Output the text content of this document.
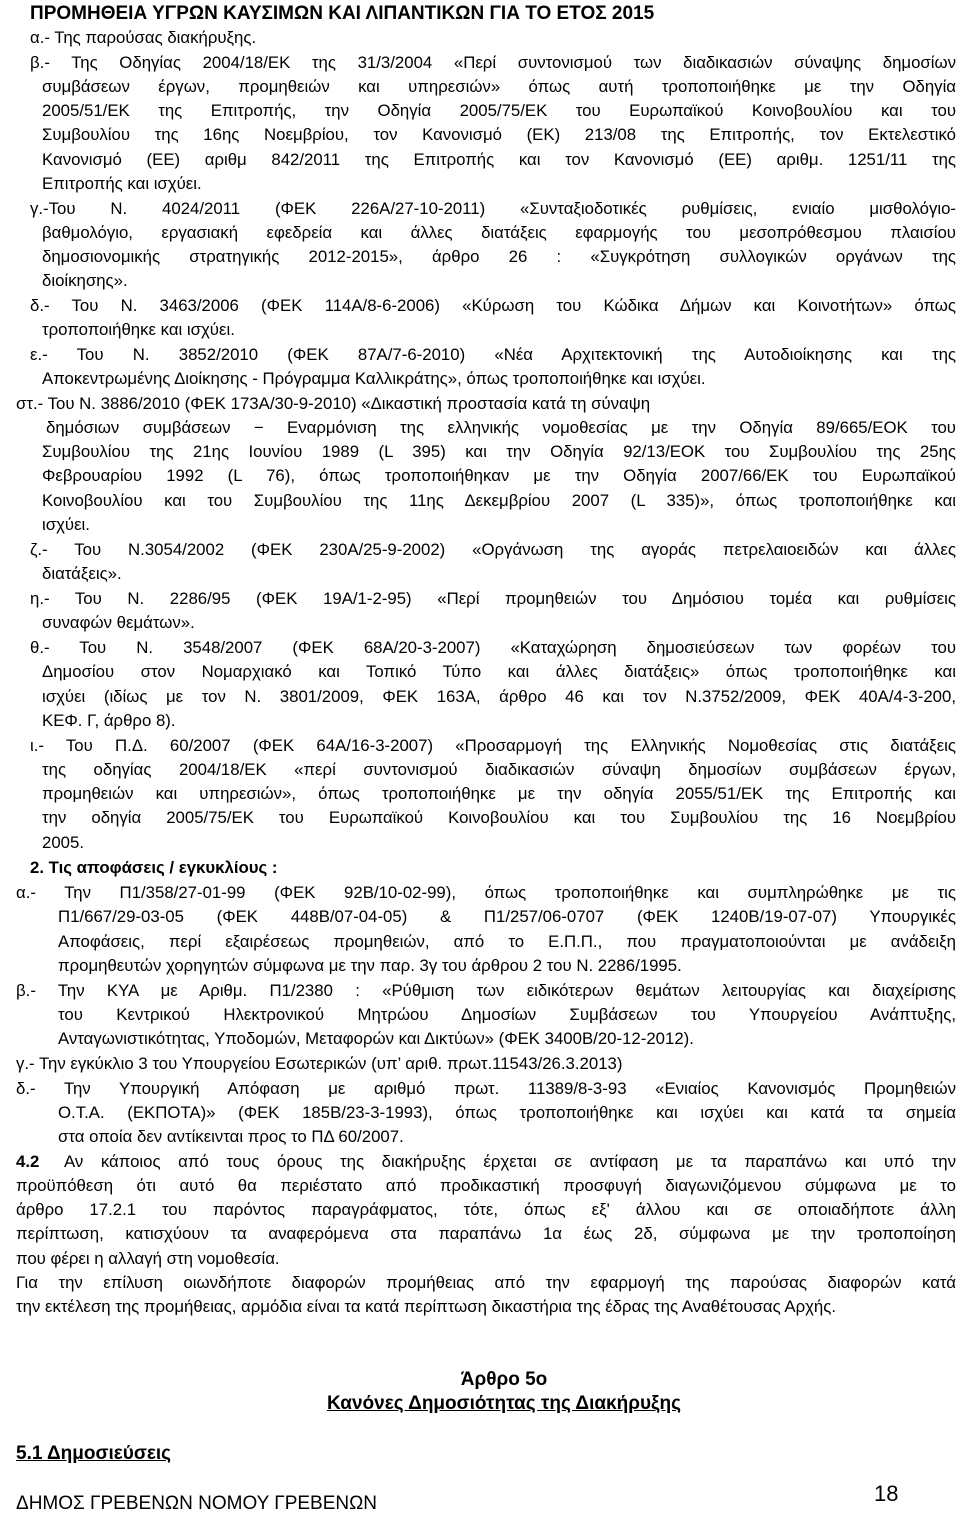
ΠΡΟΜΗΘΕΙΑ ΥΓΡΩΝ ΚΑΥΣΙΜΩΝ ΚΑΙ ΛΙΠΑΝΤΙΚΩΝ ΓΙΑ ΤΟ ΕΤΟΣ 2015
α.- Της παρούσας διακήρυξης.
β.- Της Οδηγίας 2004/18/ΕΚ της 31/3/2004 «Περί συντονισμού των διαδικασιών σύναψης δημοσίων
συμβάσεων έργων, προμηθειών και υπηρεσιών» όπως αυτή τροποποιήθηκε με την Οδηγία
2005/51/ΕΚ της Επιτροπής, την Οδηγία 2005/75/ΕΚ του Ευρωπαϊκού Κοινοβουλίου και του
Συμβουλίου της 16ης Νοεμβρίου, τον Κανονισμό (ΕΚ) 213/08 της Επιτροπής, τον Εκτελεστικό
Κανονισμό (ΕΕ) αριθμ 842/2011 της Επιτροπής και τον Κανονισμό (ΕΕ) αριθμ. 1251/11 της
Επιτροπής και ισχύει.
γ.-Του Ν. 4024/2011 (ΦΕΚ 226Α/27-10-2011) «Συνταξιοδοτικές ρυθμίσεις, ενιαίο μισθολόγιο-
βαθμολόγιο, εργασιακή εφεδρεία και άλλες διατάξεις εφαρμογής του μεσοπρόθεσμου πλαισίου
δημοσιονομικής στρατηγικής 2012-2015», άρθρο 26 : «Συγκρότηση συλλογικών οργάνων της
διοίκησης».
δ.- Του Ν. 3463/2006 (ΦΕΚ 114Α/8-6-2006) «Κύρωση του Κώδικα Δήμων και Κοινοτήτων» όπως
τροποποιήθηκε και ισχύει.
ε.- Του Ν. 3852/2010 (ΦΕΚ 87Α/7-6-2010) «Νέα Αρχιτεκτονική της Αυτοδιοίκησης και της
Αποκεντρωμένης Διοίκησης - Πρόγραμμα Καλλικράτης», όπως τροποποιήθηκε και ισχύει.
στ.- Του Ν. 3886/2010 (ΦΕΚ 173Α/30-9-2010) «Δικαστική προστασία κατά τη σύναψη
δημόσιων συμβάσεων − Εναρμόνιση της ελληνικής νομοθεσίας με την Οδηγία 89/665/ΕΟΚ του
Συμβουλίου της 21ης Ιουνίου 1989 (L 395) και την Οδηγία 92/13/ΕΟΚ του Συμβουλίου της 25ης
Φεβρουαρίου 1992 (L 76), όπως τροποποιήθηκαν με την Οδηγία 2007/66/ΕΚ του Ευρωπαϊκού
Κοινοβουλίου και του Συμβουλίου της 11ης Δεκεμβρίου 2007 (L 335)», όπως τροποποιήθηκε και
ισχύει.
ζ.- Του Ν.3054/2002 (ΦΕΚ 230Α/25-9-2002) «Οργάνωση της αγοράς πετρελαιοειδών και άλλες
διατάξεις».
η.- Του Ν. 2286/95 (ΦΕΚ 19Α/1-2-95) «Περί προμηθειών του Δημόσιου τομέα και ρυθμίσεις
συναφών θεμάτων».
θ.- Του Ν. 3548/2007 (ΦΕΚ 68Α/20-3-2007) «Καταχώρηση δημοσιεύσεων των φορέων του
Δημοσίου στον Νομαρχιακό και Τοπικό Τύπο και άλλες διατάξεις» όπως τροποποιήθηκε και
ισχύει (ιδίως με τον Ν. 3801/2009, ΦΕΚ 163Α, άρθρο 46 και τον Ν.3752/2009, ΦΕΚ 40Α/4-3-200,
ΚΕΦ. Γ, άρθρο 8).
ι.- Του Π.Δ. 60/2007 (ΦΕΚ 64Α/16-3-2007) «Προσαρμογή της Ελληνικής Νομοθεσίας στις διατάξεις
της οδηγίας 2004/18/ΕΚ «περί συντονισμού διαδικασιών σύναψη δημοσίων συμβάσεων έργων,
προμηθειών και υπηρεσιών», όπως τροποποιήθηκε με την οδηγία 2055/51/ΕΚ της Επιτροπής και
την οδηγία 2005/75/ΕΚ του Ευρωπαϊκού Κοινοβουλίου και του Συμβουλίου της 16 Νοεμβρίου
2005.
2. Τις αποφάσεις / εγκυκλίους :
α.- Την Π1/358/27-01-99 (ΦΕΚ 92Β/10-02-99), όπως τροποποιήθηκε και συμπληρώθηκε με τις
Π1/667/29-03-05 (ΦΕΚ 448Β/07-04-05) & Π1/257/06-0707 (ΦΕΚ 1240Β/19-07-07) Υπουργικές
Αποφάσεις, περί εξαιρέσεως προμηθειών, από το Ε.Π.Π., που πραγματοποιούνται με ανάδειξη
πρoμηθευτών χορηγητών σύμφωνα με την παρ. 3γ του άρθρου 2 του Ν. 2286/1995.
β.- Την ΚΥΑ με Αριθμ. Π1/2380 : «Ρύθμιση των ειδικότερων θεμάτων λειτουργίας και διαχείρισης
του Κεντρικού Ηλεκτρονικού Μητρώου Δημοσίων Συμβάσεων του Υπουργείου Ανάπτυξης,
Ανταγωνιστικότητας, Υποδομών, Μεταφορών και Δικτύων» (ΦΕΚ 3400Β/20-12-2012).
γ.- Την εγκύκλιο 3 του Υπουργείου Εσωτερικών (υπ’ αριθ. πρωτ.11543/26.3.2013)
δ.- Την Υπουργική Απόφαση με αριθμό πρωτ. 11389/8-3-93 «Ενιαίος Κανονισμός Προμηθειών
Ο.Τ.Α. (ΕΚΠΟΤΑ)» (ΦΕΚ 185Β/23-3-1993), όπως τροποποιήθηκε και ισχύει και κατά τα σημεία
στα οποία δεν αντίκεινται προς το ΠΔ 60/2007.
4.2 Αν κάποιος από τους όρους της διακήρυξης έρχεται σε αντίφαση με τα παραπάνω και υπό την
προϋπόθεση ότι αυτό θα περιέστατο από προδικαστική προσφυγή διαγωνιζόμενου σύμφωνα με το
άρθρο 17.2.1 του παρόντος παραγράφματος, τότε, όπως εξ' άλλου και σε οποιαδήποτε άλλη
περίπτωση, κατισχύουν τα αναφερόμενα στα παραπάνω 1α έως 2δ, σύμφωνα με την τροποποίηση
που φέρει η αλλαγή στη νομοθεσία.
Για την επίλυση οιωνδήποτε διαφορών πρoμήθειας από την εφαρμογή της παρούσας διαφορών κατά
την εκτέλεση της προμήθειας, αρμόδια είναι τα κατά περίπτωση δικαστήρια της έδρας της Αναθέτουσας Αρχής.
Άρθρο 5ο
Κανόνες Δημοσιότητας της Διακήρυξης
5.1 Δημοσιεύσεις
18
ΔΗΜΟΣ ΓΡΕΒΕΝΩΝ ΝΟΜΟΥ ΓΡΕΒΕΝΩΝ
